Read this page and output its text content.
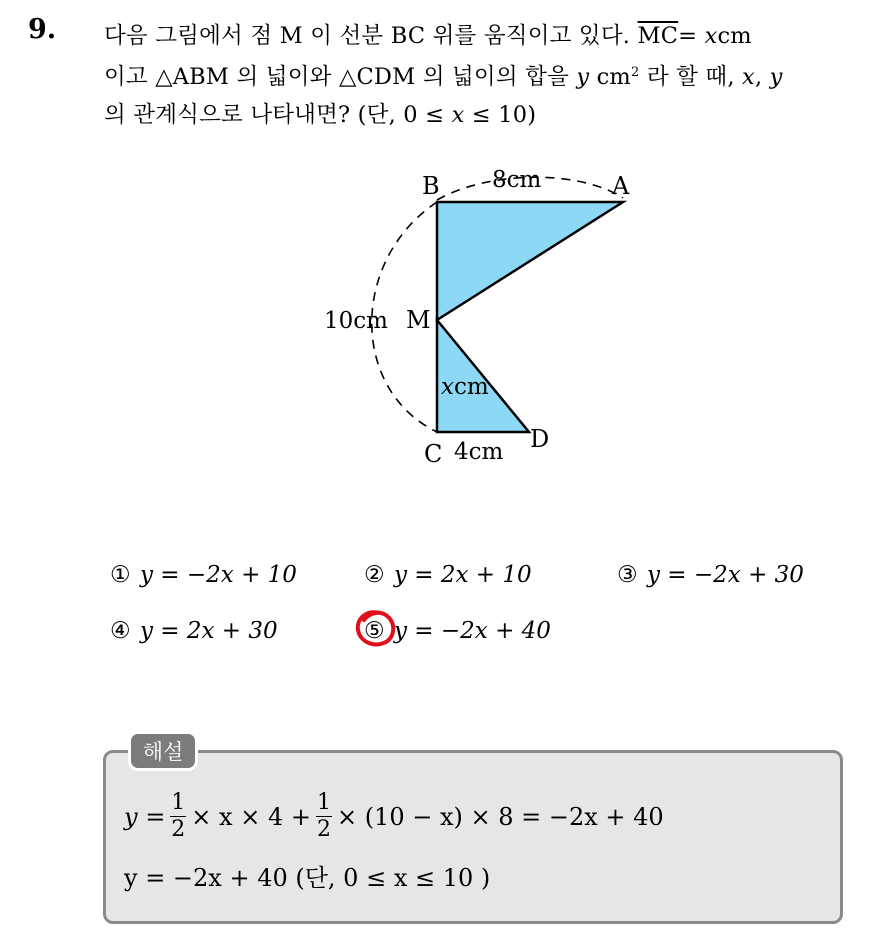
9. 다음 그림에서 점 M 이 선분 BC 위를 움직이고 있다. $\overline{MC}=$ xcm
이고 △ABM 의 넓이와 △CDM 의 넓이의 합을 y $cm^2$ 라 할 때, x, y
의 관계식으로 나타내면? (단, 0 ≤ x ≤ 10)
B	A
M
C
D
8cm
10cm
xcm
4cm
① y = −2x + 10	② y = 2x + 10	③ y = −2x + 30
④ y = 2x + 30	⑤ y = −2x + 40
해설
$y = \frac{1}{2} \times x \times 4 + \frac{1}{2} \times (10 - x) \times 8 = -2x + 40$
y = −2x + 40 (단, 0 ≤ x ≤ 10 )
